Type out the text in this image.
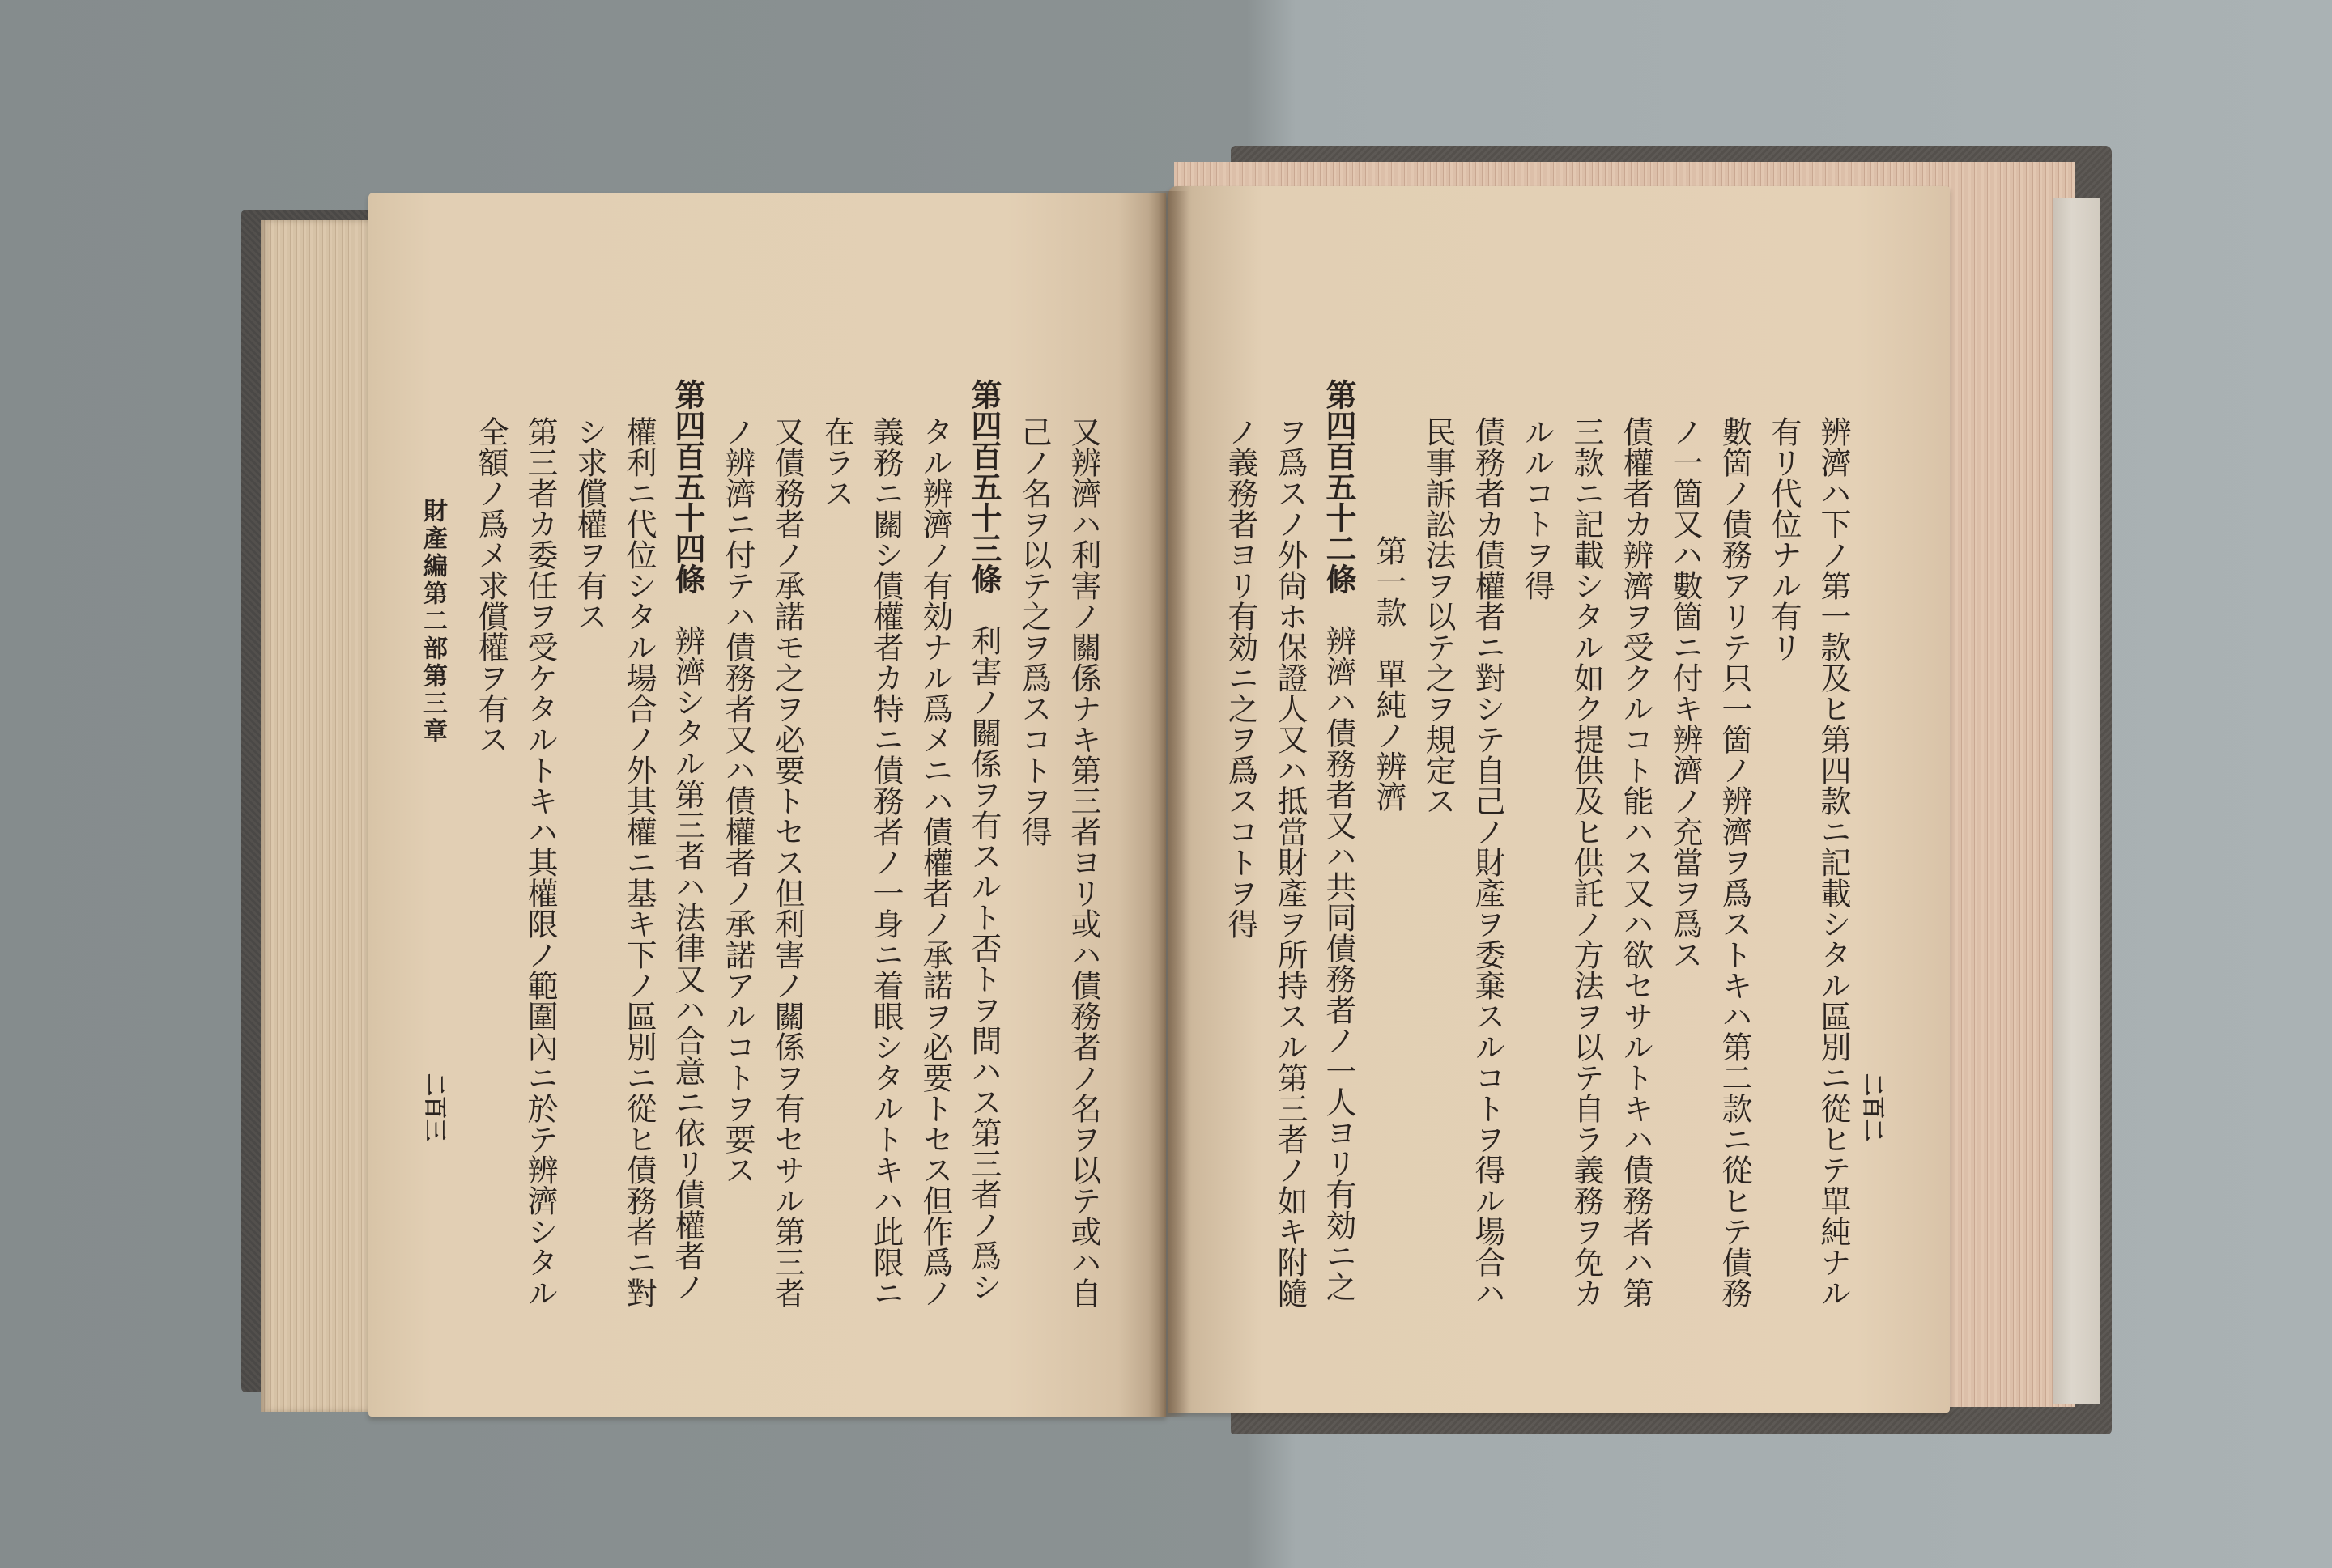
辨濟ハ下ノ第一款及ヒ第四款ニ記載シタル區別ニ從ヒテ單純ナル
有リ代位ナル有リ
數箇ノ債務アリテ只一箇ノ辨濟ヲ爲ストキハ第二款ニ從ヒテ債務
ノ一箇又ハ數箇ニ付キ辨濟ノ充當ヲ爲ス
債權者カ辨濟ヲ受クルコト能ハス又ハ欲セサルトキハ債務者ハ第
三款ニ記載シタル如ク提供及ヒ供託ノ方法ヲ以テ自ラ義務ヲ免カ
ルルコトヲ得
債務者カ債權者ニ對シテ自己ノ財產ヲ委棄スルコトヲ得ル場合ハ
民事訴訟法ヲ以テ之ヲ規定ス
第一款　單純ノ辨濟
第四百五十二條辨濟ハ債務者又ハ共同債務者ノ一人ヨリ有効ニ之
ヲ爲スノ外尙ホ保證人又ハ抵當財產ヲ所持スル第三者ノ如キ附隨
ノ義務者ヨリ有効ニ之ヲ爲スコトヲ得
二百二
又辨濟ハ利害ノ關係ナキ第三者ヨリ或ハ債務者ノ名ヲ以テ或ハ自
己ノ名ヲ以テ之ヲ爲スコトヲ得
第四百五十三條利害ノ關係ヲ有スルト否トヲ問ハス第三者ノ爲シ
タル辨濟ノ有効ナル爲メニハ債權者ノ承諾ヲ必要トセス但作爲ノ
義務ニ關シ債權者カ特ニ債務者ノ一身ニ着眼シタルトキハ此限ニ
在ラス
又債務者ノ承諾モ之ヲ必要トセス但利害ノ關係ヲ有セサル第三者
ノ辨濟ニ付テハ債務者又ハ債權者ノ承諾アルコトヲ要ス
第四百五十四條辨濟シタル第三者ハ法律又ハ合意ニ依リ債權者ノ
權利ニ代位シタル場合ノ外其權ニ基キ下ノ區別ニ從ヒ債務者ニ對
シ求償權ヲ有ス
第三者カ委任ヲ受ケタルトキハ其權限ノ範圍內ニ於テ辨濟シタル
全額ノ爲メ求償權ヲ有ス
財產編第二部第三章
二百三
